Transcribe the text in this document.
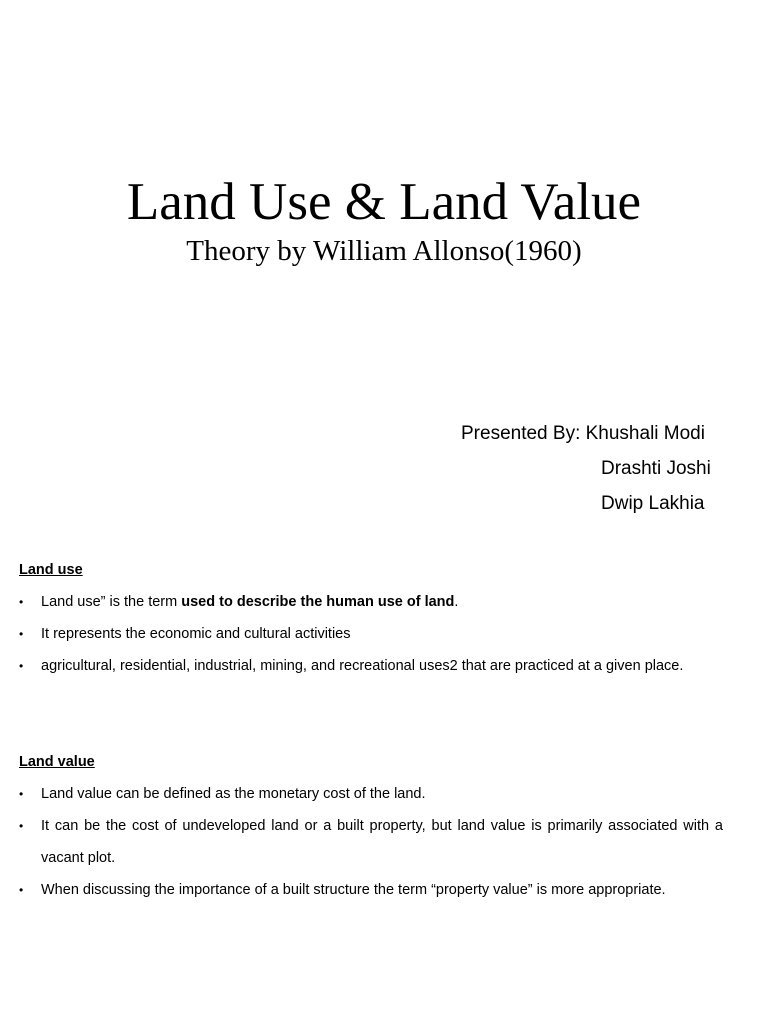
Land Use & Land Value
Theory by William Allonso(1960)
Presented By: Khushali Modi
Drashti Joshi
Dwip Lakhia
Land use
•	Land use” is the term used to describe the human use of land.
•	It represents the economic and cultural activities
•	agricultural, residential, industrial, mining, and recreational uses2 that are practiced at a given place.
Land value
•	Land value can be defined as the monetary cost of the land.
•	It can be the cost of undeveloped land or a built property, but land value is primarily associated with a vacant plot.
•	When discussing the importance of a built structure the term “property value” is more appropriate.
